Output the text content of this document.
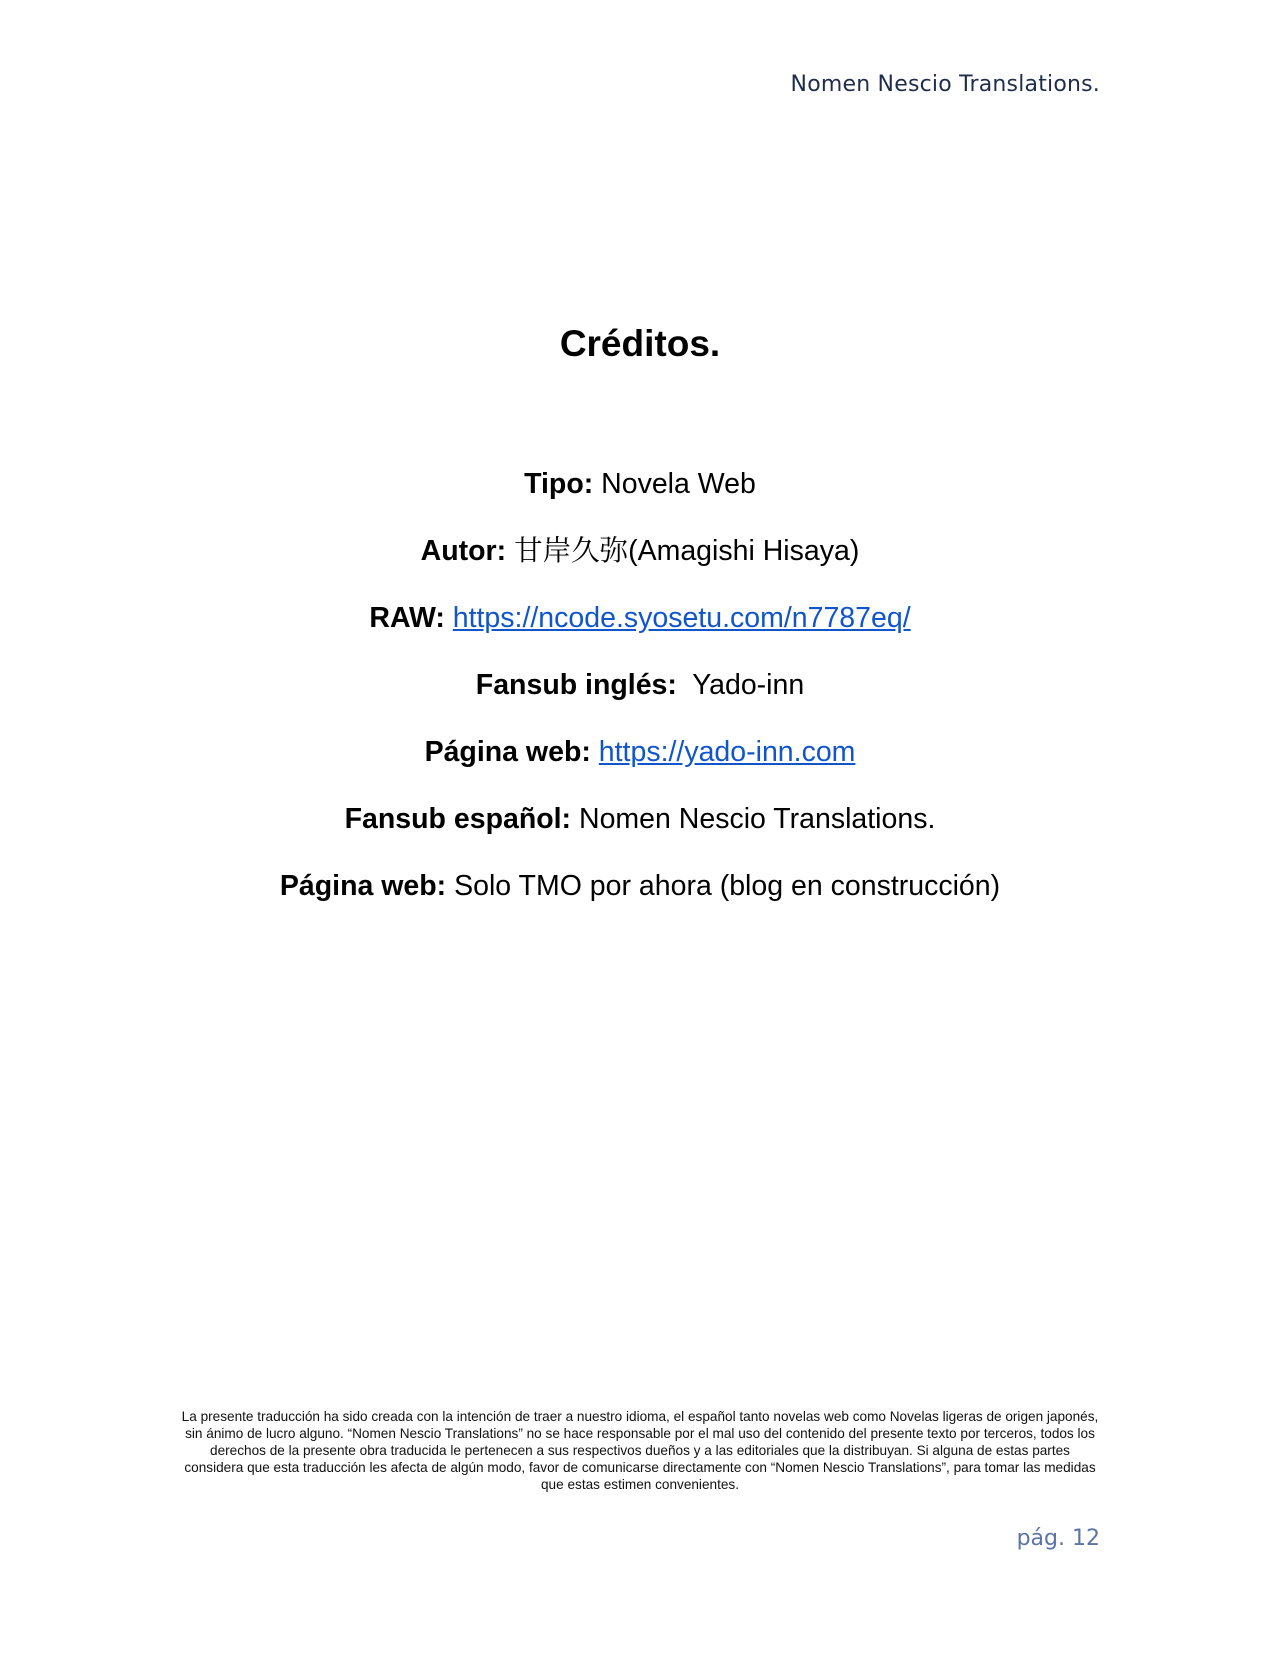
Nomen Nescio Translations.
Créditos.
Tipo: Novela Web
Autor: 甘岸久弥(Amagishi Hisaya)
RAW: https://ncode.syosetu.com/n7787eq/
Fansub inglés:  Yado-inn
Página web: https://yado-inn.com
Fansub español: Nomen Nescio Translations.
Página web: Solo TMO por ahora (blog en construcción)

La presente traducción ha sido creada con la intención de traer a nuestro idioma, el español tanto novelas web como Novelas ligeras de origen japonés, sin ánimo de lucro alguno. “Nomen Nescio Translations” no se hace responsable por el mal uso del contenido del presente texto por terceros, todos los derechos de la presente obra traducida le pertenecen a sus respectivos dueños y a las editoriales que la distribuyan. Si alguna de estas partes considera que esta traducción les afecta de algún modo, favor de comunicarse directamente con “Nomen Nescio Translations”, para tomar las medidas que estas estimen convenientes.

pág. 12
